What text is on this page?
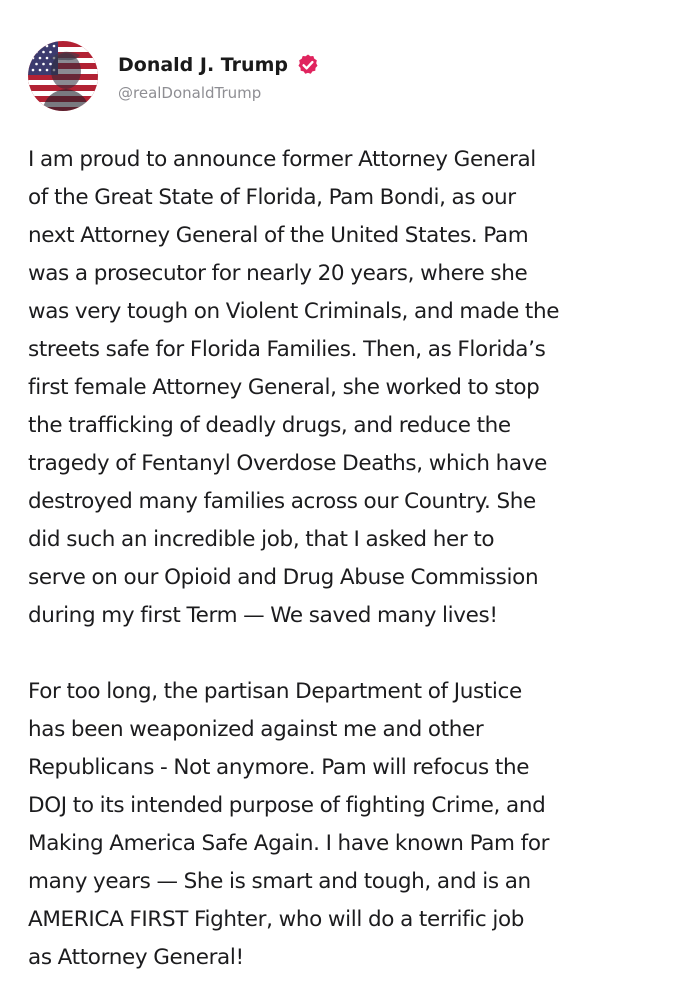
Donald J. Trump
@realDonaldTrump

I am proud to announce former Attorney General
of the Great State of Florida, Pam Bondi, as our
next Attorney General of the United States. Pam
was a prosecutor for nearly 20 years, where she
was very tough on Violent Criminals, and made the
streets safe for Florida Families. Then, as Florida’s
first female Attorney General, she worked to stop
the trafficking of deadly drugs, and reduce the
tragedy of Fentanyl Overdose Deaths, which have
destroyed many families across our Country. She
did such an incredible job, that I asked her to
serve on our Opioid and Drug Abuse Commission
during my first Term — We saved many lives!

For too long, the partisan Department of Justice
has been weaponized against me and other
Republicans - Not anymore. Pam will refocus the
DOJ to its intended purpose of fighting Crime, and
Making America Safe Again. I have known Pam for
many years — She is smart and tough, and is an
AMERICA FIRST Fighter, who will do a terrific job
as Attorney General!
